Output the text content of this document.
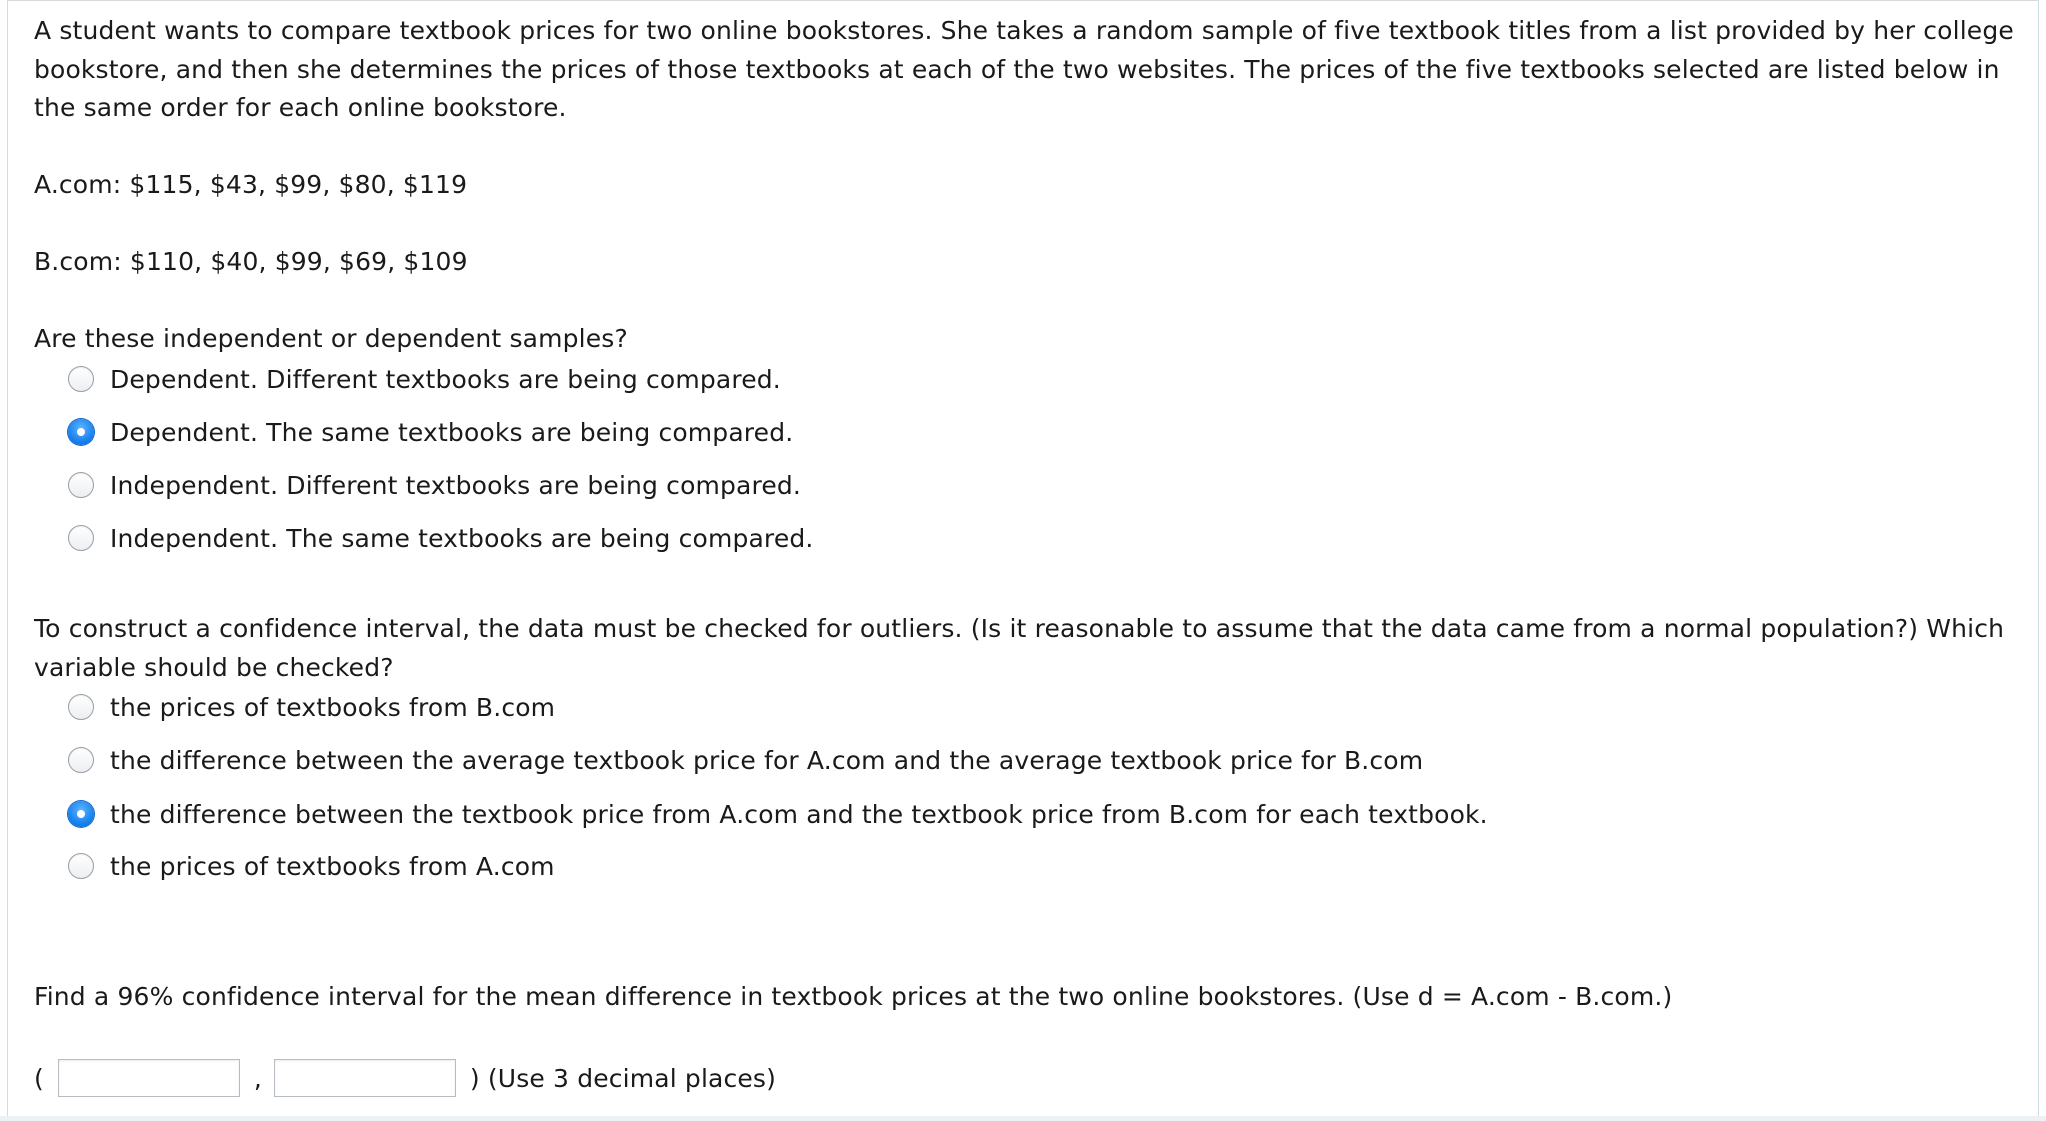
A student wants to compare textbook prices for two online bookstores. She takes a random sample of five textbook titles from a list provided by her college bookstore, and then she determines the prices of those textbooks at each of the two websites. The prices of the five textbooks selected are listed below in the same order for each online bookstore.
A.com: $115, $43, $99, $80, $119
B.com: $110, $40, $99, $69, $109
Are these independent or dependent samples?
Dependent. Different textbooks are being compared.
Dependent. The same textbooks are being compared.
Independent. Different textbooks are being compared.
Independent. The same textbooks are being compared.
To construct a confidence interval, the data must be checked for outliers. (Is it reasonable to assume that the data came from a normal population?) Which variable should be checked?
the prices of textbooks from B.com
the difference between the average textbook price for A.com and the average textbook price for B.com
the difference between the textbook price from A.com and the textbook price from B.com for each textbook.
the prices of textbooks from A.com
Find a 96% confidence interval for the mean difference in textbook prices at the two online bookstores. (Use d = A.com - B.com.)
(	,	) (Use 3 decimal places)
